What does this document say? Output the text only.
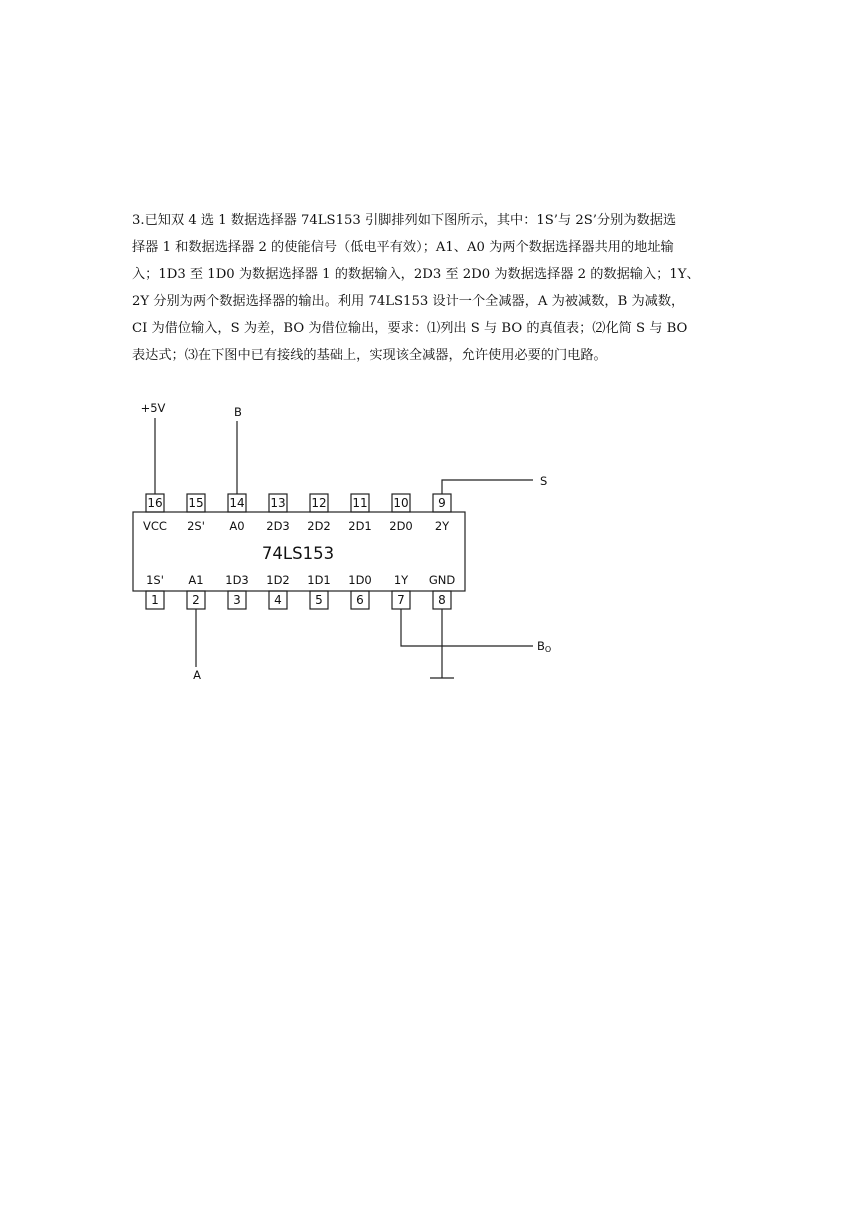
3.已知双 4 选 1 数据选择器 74LS153 引脚排列如下图所示，其中：1S’与 2S’分别为数据选
择器 1 和数据选择器 2 的使能信号（低电平有效）；A1、A0 为两个数据选择器共用的地址输
入；1D3 至 1D0 为数据选择器 1 的数据输入，2D3 至 2D0 为数据选择器 2 的数据输入；1Y、
2Y 分别为两个数据选择器的输出。利用 74LS153 设计一个全减器，A 为被减数，B 为减数，
CI 为借位输入，S 为差，BO 为借位输出，要求：⑴列出 S 与 BO 的真值表；⑵化简 S 与 BO
表达式；⑶在下图中已有接线的基础上，实现该全减器，允许使用必要的门电路。
16 15 14 13 12 11 10 9
VCC 2S' A0 2D3 2D2 2D1 2D0 2Y
74LS153
1S' A1 1D3 1D2 1D1 1D0 1Y GND
1	2	3	4	5	6	7	8
+5V	B
S
A
BO
